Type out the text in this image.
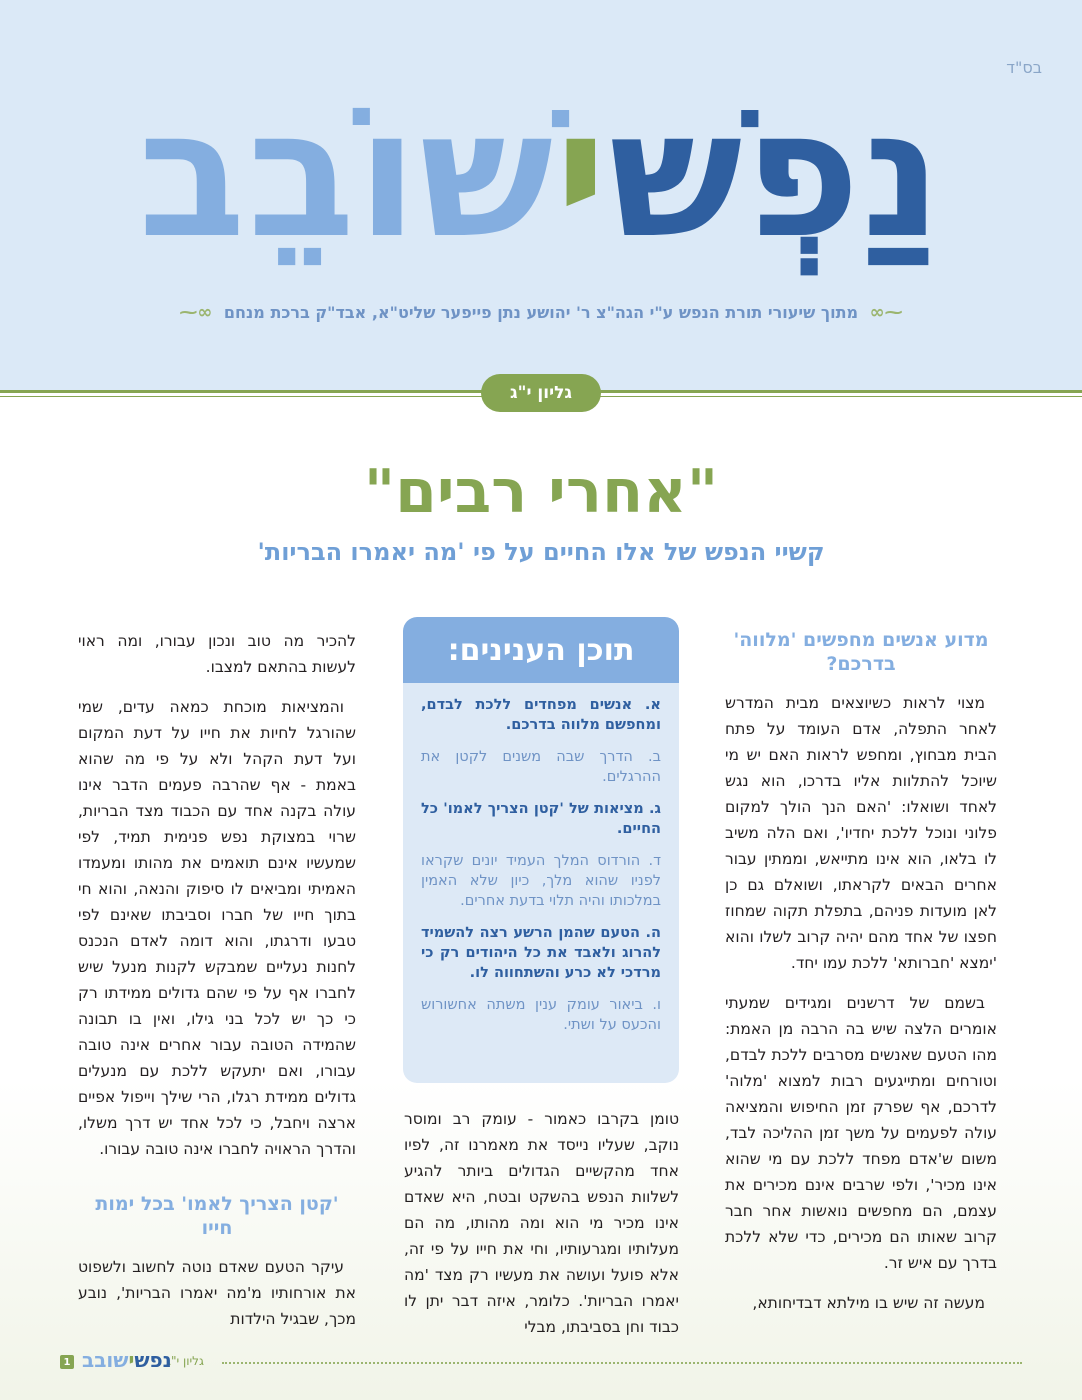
בס"ד
נַפְשׁ
י
שׁוֹבֵב
⁓∞ מתוך שיעורי תורת הנפש ע"י הגה"צ ר' יהושע נתן פייפער שליט"א, אבד"ק ברכת מנחם ∞⁓
גליון י"ג
"אחרי רבים"
קשיי הנפש של אלו החיים על פי 'מה יאמרו הבריות'
מדוע אנשים מחפשים 'מלווה' בדרכם?

מצוי לראות כשיוצאים מבית המדרש לאחר התפלה, אדם העומד על פתח הבית מבחוץ, ומחפש לראות האם יש מי שיוכל להתלוות אליו בדרכו, הוא נגש לאחד ושואלו: 'האם הנך הולך למקום פלוני ונוכל ללכת יחדיו', ואם הלה משיב לו בלאו, הוא אינו מתייאש, וממתין עבור אחרים הבאים לקראתו, ושואלם גם כן לאן מועדות פניהם, בתפלת תקוה שמחוז חפצו של אחד מהם יהיה קרוב לשלו והוא 'ימצא 'חברותא' ללכת עמו יחד.

בשמם של דרשנים ומגידים שמעתי אומרים הלצה שיש בה הרבה מן האמת: מהו הטעם שאנשים מסרבים ללכת לבדם, וטורחים ומתייגעים רבות למצוא 'מלוה' לדרכם, אף שפרק זמן החיפוש והמציאה עולה לפעמים על משך זמן ההליכה לבד, משום ש'אדם מפחד ללכת עם מי שהוא אינו מכיר', ולפי שרבים אינם מכירים את עצמם, הם מחפשים נואשות אחר חבר קרוב שאותו הם מכירים, כדי שלא ללכת בדרך עם איש זר.

מעשה זה שיש בו מילתא דבדיחותא,

תוכן הענינים:
א. אנשים מפחדים ללכת לבדם, ומחפשם מלווה בדרכם.
ב. הדרך שבה משנים לקטן את ההרגלים.
ג. מציאות של 'קטן הצריך לאמו' כל החיים.
ד. הורדוס המלך העמיד יונים שקראו לפניו שהוא מלך, כיון שלא האמין במלכותו והיה תלוי בדעת אחרים.
ה. הטעם שהמן הרשע רצה להשמיד להרוג ולאבד את כל היהודים רק כי מרדכי לא כרע והשתחווה לו.
ו. ביאור עומק ענין משתה אחשורוש והכעס על ושתי.

טומן בקרבו כאמור - עומק רב ומוסר נוקב, שעליו נייסד את מאמרנו זה, לפיו אחד מהקשיים הגדולים ביותר להגיע לשלוות הנפש בהשקט ובטח, היא שאדם אינו מכיר מי הוא ומה מהותו, מה הם מעלותיו ומגרעותיו, וחי את חייו על פי זה, אלא פועל ועושה את מעשיו רק מצד 'מה יאמרו הבריות'. כלומר, איזה דבר יתן לו כבוד וחן בסביבתו, מבלי

להכיר מה טוב ונכון עבורו, ומה ראוי לעשות בהתאם למצבו.

והמציאות מוכחת כמאה עדים, שמי שהורגל לחיות את חייו על דעת המקום ועל דעת הקהל ולא על פי מה שהוא באמת - אף שהרבה פעמים הדבר אינו עולה בקנה אחד עם הכבוד מצד הבריות, שרוי במצוקת נפש פנימית תמיד, לפי שמעשיו אינם תואמים את מהותו ומעמדו האמיתי ומביאים לו סיפוק והנאה, והוא חי בתוך חייו של חברו וסביבתו שאינם לפי טבעו ודרגתו, והוא דומה לאדם הנכנס לחנות נעליים שמבקש לקנות מנעל שיש לחברו אף על פי שהם גדולים ממידתו רק כי כך יש לכל בני גילו, ואין בו תבונה שהמידה הטובה עבור אחרים אינה טובה עבורו, ואם יתעקש ללכת עם מנעלים גדולים ממידת רגלו, הרי שילך וייפול אפיים ארצה ויחבל, כי לכל אחד יש דרך משלו, והדרך הראויה לחברו אינה טובה עבורו.

'קטן הצריך לאמו' בכל ימות חייו

עיקר הטעם שאדם נוטה לחשוב ולשפוט את אורחותיו מ'מה יאמרו הבריות', נובע מכך, שבגיל הילדות

גליון י"ג
נפשישובב
1
